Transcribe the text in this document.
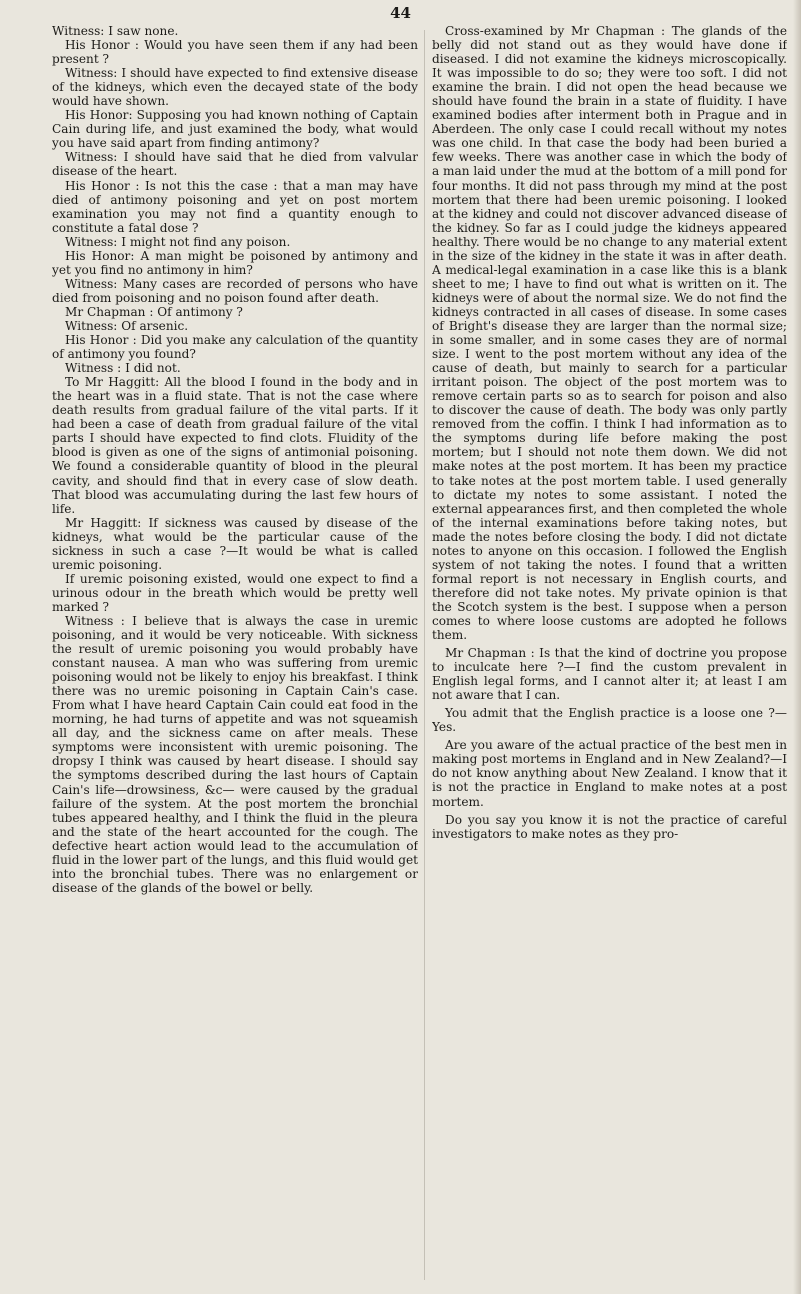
44

Witness: I saw none.

His Honor : Would you have seen them if any had been present ?

Witness: I should have expected to find extensive disease of the kidneys, which even the decayed state of the body would have shown.

His Honor: Supposing you had known nothing of Captain Cain during life, and just examined the body, what would you have said apart from finding antimony?

Witness: I should have said that he died from valvular disease of the heart.

His Honor : Is not this the case : that a man may have died of antimony poisoning and yet on post mortem examination you may not find a quantity enough to constitute a fatal dose ?

Witness: I might not find any poison.

His Honor: A man might be poisoned by antimony and yet you find no antimony in him?

Witness: Many cases are recorded of persons who have died from poisoning and no poison found after death.

Mr Chapman : Of antimony ?

Witness: Of arsenic.

His Honor : Did you make any calculation of the quantity of antimony you found?

Witness : I did not.

To Mr Haggitt: All the blood I found in the body and in the heart was in a fluid state. That is not the case where death results from gradual failure of the vital parts. If it had been a case of death from gradual failure of the vital parts I should have expected to find clots. Fluidity of the blood is given as one of the signs of antimonial poisoning. We found a considerable quantity of blood in the pleural cavity, and should find that in every case of slow death. That blood was accumulating during the last few hours of life.

Mr Haggitt: If sickness was caused by disease of the kidneys, what would be the particular cause of the sickness in such a case ?—It would be what is called uremic poisoning.

If uremic poisoning existed, would one expect to find a urinous odour in the breath which would be pretty well marked ?

Witness : I believe that is always the case in uremic poisoning, and it would be very noticeable. With sickness the result of uremic poisoning you would probably have constant nausea. A man who was suffering from uremic poisoning would not be likely to enjoy his breakfast. I think there was no uremic poisoning in Captain Cain's case. From what I have heard Captain Cain could eat food in the morning, he had turns of appetite and was not squeamish all day, and the sickness came on after meals. These symptoms were inconsistent with uremic poisoning. The dropsy I think was caused by heart disease. I should say the symptoms described during the last hours of Captain Cain's life—drowsiness, &c— were caused by the gradual failure of the system. At the post mortem the bronchial tubes appeared healthy, and I think the fluid in the pleura and the state of the heart accounted for the cough. The defective heart action would lead to the accumulation of fluid in the lower part of the lungs, and this fluid would get into the bronchial tubes. There was no enlargement or disease of the glands of the bowel or belly.

Cross-examined by Mr Chapman : The glands of the belly did not stand out as they would have done if diseased. I did not examine the kidneys microscopically. It was impossible to do so; they were too soft. I did not examine the brain. I did not open the head because we should have found the brain in a state of fluidity. I have examined bodies after interment both in Prague and in Aberdeen. The only case I could recall without my notes was one child. In that case the body had been buried a few weeks. There was another case in which the body of a man laid under the mud at the bottom of a mill pond for four months. It did not pass through my mind at the post mortem that there had been uremic poisoning. I looked at the kidney and could not discover advanced disease of the kidney. So far as I could judge the kidneys appeared healthy. There would be no change to any material extent in the size of the kidney in the state it was in after death. A medical-legal examination in a case like this is a blank sheet to me; I have to find out what is written on it. The kidneys were of about the normal size. We do not find the kidneys contracted in all cases of disease. In some cases of Bright's disease they are larger than the normal size; in some smaller, and in some cases they are of normal size. I went to the post mortem without any idea of the cause of death, but mainly to search for a particular irritant poison. The object of the post mortem was to remove certain parts so as to search for poison and also to discover the cause of death. The body was only partly removed from the coffin. I think I had information as to the symptoms during life before making the post mortem; but I should not note them down. We did not make notes at the post mortem. It has been my practice to take notes at the post mortem table. I used generally to dictate my notes to some assistant. I noted the external appearances first, and then completed the whole of the internal examinations before taking notes, but made the notes before closing the body. I did not dictate notes to anyone on this occasion. I followed the English system of not taking the notes. I found that a written formal report is not necessary in English courts, and therefore did not take notes. My private opinion is that the Scotch system is the best. I suppose when a person comes to where loose customs are adopted he follows them.

Mr Chapman : Is that the kind of doctrine you propose to inculcate here ?—I find the custom prevalent in English legal forms, and I cannot alter it; at least I am not aware that I can.

You admit that the English practice is a loose one ?—Yes.

Are you aware of the actual practice of the best men in making post mortems in England and in New Zealand?—I do not know anything about New Zealand. I know that it is not the practice in England to make notes at a post mortem.

Do you say you know it is not the practice of careful investigators to make notes as they pro-
